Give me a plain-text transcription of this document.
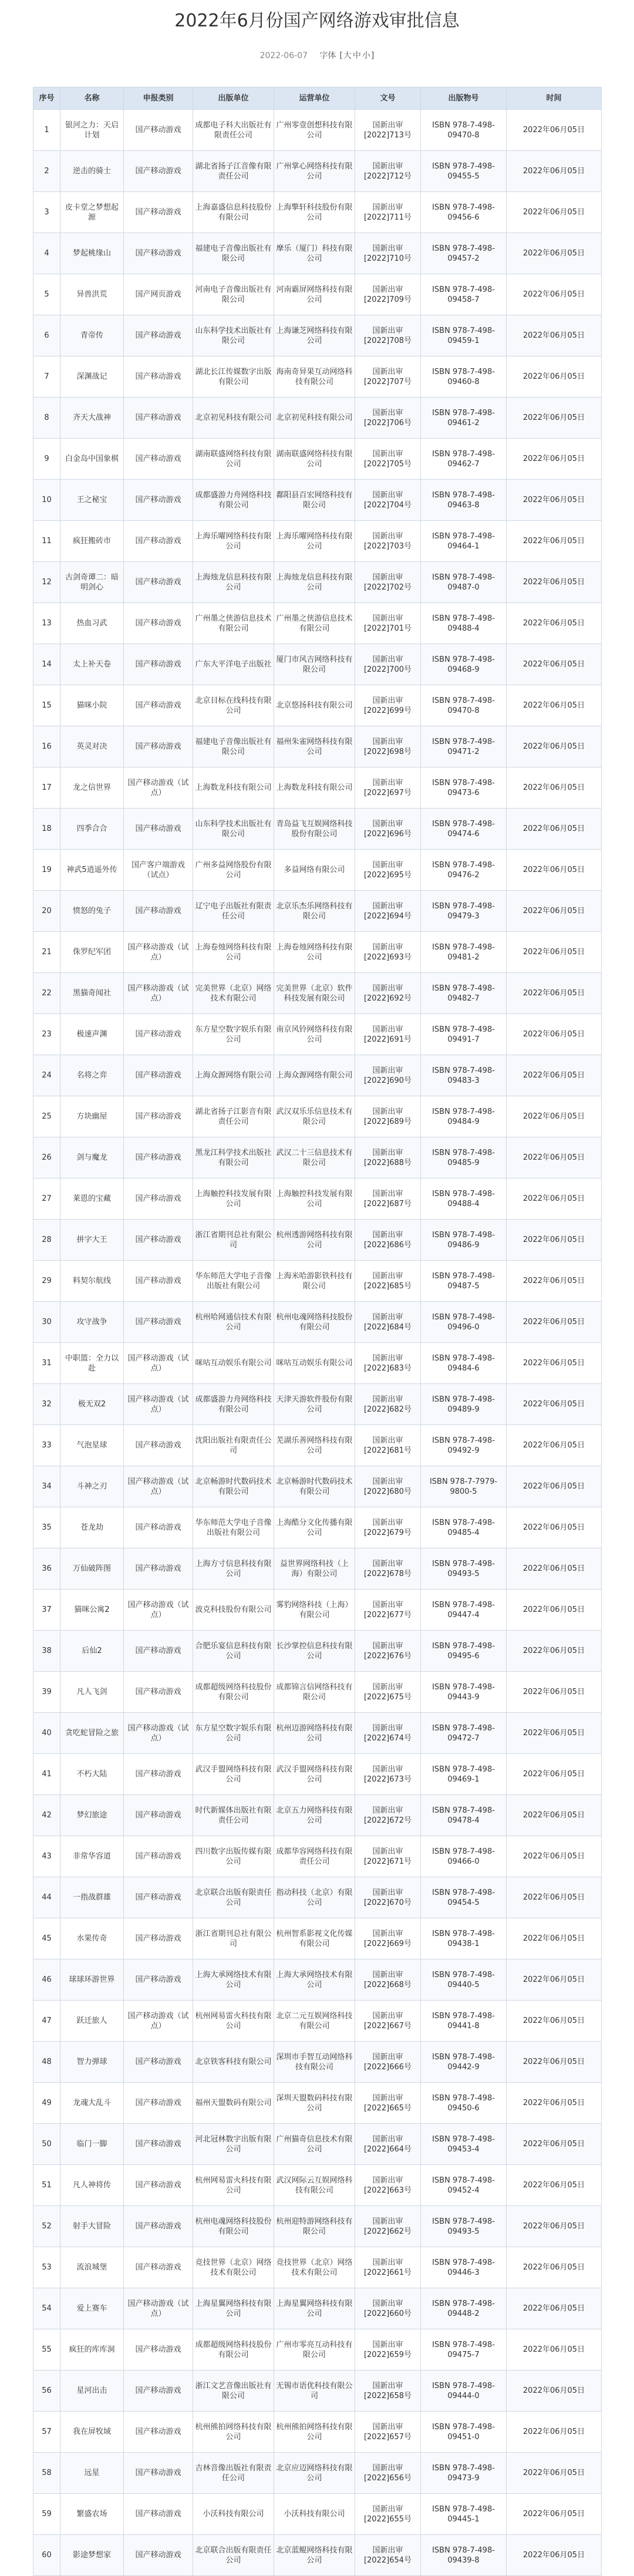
2022年6月份国产网络游戏审批信息
2022-06-07 字体 [大 中 小]
序号	名称	申报类别	出版单位	运营单位	文号	出版物号	时间
1	银河之力：天启计划	国产移动游戏	成都电子科大出版社有限责任公司	广州零壹创想科技有限公司	国新出审[2022]713号	ISBN 978-7-498-09470-8	2022年06月05日
2	逆击的骑士	国产移动游戏	湖北省扬子江音像有限责任公司	广州掌心网络科技有限公司	国新出审[2022]712号	ISBN 978-7-498-09455-5	2022年06月05日
3	皮卡堂之梦想起源	国产移动游戏	上海嘉盛信息科技股份有限公司	上海擎轩科技股份有限公司	国新出审[2022]711号	ISBN 978-7-498-09456-6	2022年06月05日
4	梦起桃缘山	国产移动游戏	福建电子音像出版社有限公司	摩乐（厦门）科技有限公司	国新出审[2022]710号	ISBN 978-7-498-09457-2	2022年06月05日
5	异兽洪荒	国产网页游戏	河南电子音像出版社有限公司	河南霸屏网络科技有限公司	国新出审[2022]709号	ISBN 978-7-498-09458-7	2022年06月05日
6	青帝传	国产移动游戏	山东科学技术出版社有限公司	上海谦芝网络科技有限公司	国新出审[2022]708号	ISBN 978-7-498-09459-1	2022年06月05日
7	深渊战记	国产移动游戏	湖北长江传媒数字出版有限公司	海南奇异果互动网络科技有限公司	国新出审[2022]707号	ISBN 978-7-498-09460-8	2022年06月05日
8	齐天大战神	国产移动游戏	北京初见科技有限公司	北京初见科技有限公司	国新出审[2022]706号	ISBN 978-7-498-09461-2	2022年06月05日
9	白金岛中国象棋	国产移动游戏	湖南联盛网络科技有限公司	湖南联盛网络科技有限公司	国新出审[2022]705号	ISBN 978-7-498-09462-7	2022年06月05日
10	王之秘宝	国产移动游戏	成都盛游力舟网络科技有限公司	鄱阳县百宏网络科技有限公司	国新出审[2022]704号	ISBN 978-7-498-09463-8	2022年06月05日
11	疯狂搬砖市	国产移动游戏	上海乐曜网络科技有限公司	上海乐曜网络科技有限公司	国新出审[2022]703号	ISBN 978-7-498-09464-1	2022年06月05日
12	古剑奇谭二：暗明剑心	国产移动游戏	上海烛龙信息科技有限公司	上海烛龙信息科技有限公司	国新出审[2022]702号	ISBN 978-7-498-09487-0	2022年06月05日
13	热血习武	国产移动游戏	广州墨之侠游信息技术有限公司	广州墨之侠游信息技术有限公司	国新出审[2022]701号	ISBN 978-7-498-09488-4	2022年06月05日
14	太上补天卷	国产移动游戏	广东大平洋电子出版社	厦门市风吉网络科技有限公司	国新出审[2022]700号	ISBN 978-7-498-09468-9	2022年06月05日
15	猫咪小院	国产移动游戏	北京目标在线科技有限公司	北京悠扬科技有限公司	国新出审[2022]699号	ISBN 978-7-498-09470-8	2022年06月05日
16	英灵对决	国产移动游戏	福建电子音像出版社有限公司	福州朱雀网络科技有限公司	国新出审[2022]698号	ISBN 978-7-498-09471-2	2022年06月05日
17	龙之信世界	国产移动游戏（试点）	上海数龙科技有限公司	上海数龙科技有限公司	国新出审[2022]697号	ISBN 978-7-498-09473-6	2022年06月05日
18	四季合合	国产移动游戏	山东科学技术出版社有限公司	青岛益飞互娱网络科技股份有限公司	国新出审[2022]696号	ISBN 978-7-498-09474-6	2022年06月05日
19	神武5逍遥外传	国产客户端游戏（试点）	广州多益网络股份有限公司	多益网络有限公司	国新出审[2022]695号	ISBN 978-7-498-09476-2	2022年06月05日
20	愤怒的兔子	国产移动游戏	辽宁电子出版社有限责任公司	北京乐杰乐网络科技有限公司	国新出审[2022]694号	ISBN 978-7-498-09479-3	2022年06月05日
21	侏罗纪军团	国产移动游戏（试点）	上海卷烛网络科技有限公司	上海卷烛网络科技有限公司	国新出审[2022]693号	ISBN 978-7-498-09481-2	2022年06月05日
22	黑猫奇闻社	国产移动游戏（试点）	完美世界（北京）网络技术有限公司	完美世界（北京）软件科技发展有限公司	国新出审[2022]692号	ISBN 978-7-498-09482-7	2022年06月05日
23	极速声渊	国产移动游戏	东方星空数字娱乐有限公司	南京风铃网络科技有限公司	国新出审[2022]691号	ISBN 978-7-498-09491-7	2022年06月05日
24	名将之弈	国产移动游戏	上海众源网络有限公司	上海众源网络有限公司	国新出审[2022]690号	ISBN 978-7-498-09483-3	2022年06月05日
25	方块幽屋	国产移动游戏	湖北省扬子江影音有限责任公司	武汉双乐乐信息技术有限公司	国新出审[2022]689号	ISBN 978-7-498-09484-9	2022年06月05日
26	剑与魔龙	国产移动游戏	黑龙江科学技术出版社有限公司	武汉二十三信息技术有限公司	国新出审[2022]688号	ISBN 978-7-498-09485-9	2022年06月05日
27	莱恩的宝藏	国产移动游戏	上海触控科技发展有限公司	上海触控科技发展有限公司	国新出审[2022]687号	ISBN 978-7-498-09488-4	2022年06月05日
28	拼字大王	国产移动游戏	浙江省期刊总社有限公司	杭州透游网络科技有限公司	国新出审[2022]686号	ISBN 978-7-498-09486-9	2022年06月05日
29	料契尔航线	国产移动游戏	华东师范大学电子音像出版社有限公司	上海米哈游影铁科技有限公司	国新出审[2022]685号	ISBN 978-7-498-09487-5	2022年06月05日
30	攻守战争	国产移动游戏	杭州哈网通信技术有限公司	杭州电魂网络科技股份有限公司	国新出审[2022]684号	ISBN 978-7-498-09496-0	2022年06月05日
31	中职篮：全力以赴	国产移动游戏（试点）	咪咕互动娱乐有限公司	咪咕互动娱乐有限公司	国新出审[2022]683号	ISBN 978-7-498-09484-6	2022年06月05日
32	极无双2	国产移动游戏（试点）	成都盛游力舟网络科技有限公司	天津天游软件股份有限公司	国新出审[2022]682号	ISBN 978-7-498-09489-9	2022年06月05日
33	气泡星球	国产移动游戏	沈阳出版社有限责任公司	芜湖乐善网络科技有限公司	国新出审[2022]681号	ISBN 978-7-498-09492-9	2022年06月05日
34	斗神之刃	国产移动游戏（试点）	北京畅游时代数码技术有限公司	北京畅游时代数码技术有限公司	国新出审[2022]680号	ISBN 978-7-7979-9800-5	2022年06月05日
35	苍龙劫	国产移动游戏	华东师范大学电子音像出版社有限公司	上海酷分文化传播有限公司	国新出审[2022]679号	ISBN 978-7-498-09485-4	2022年06月05日
36	万仙破阵图	国产移动游戏	上海方寸信息科技有限公司	益世界网络科技（上海）有限公司	国新出审[2022]678号	ISBN 978-7-498-09493-5	2022年06月05日
37	猫咪公寓2	国产移动游戏（试点）	波克科技股份有限公司	雾豹网络科技（上海）有限公司	国新出审[2022]677号	ISBN 978-7-498-09447-4	2022年06月05日
38	后仙2	国产移动游戏	合肥乐宴信息科技有限公司	长沙掌控信息科技有限公司	国新出审[2022]676号	ISBN 978-7-498-09495-6	2022年06月05日
39	凡人飞剑	国产移动游戏	成都超级网络科技股份有限公司	成都锦言信网络科技有限公司	国新出审[2022]675号	ISBN 978-7-498-09443-9	2022年06月05日
40	贪吃蛇冒险之旅	国产移动游戏（试点）	东方星空数字娱乐有限公司	杭州迈游网络科技有限公司	国新出审[2022]674号	ISBN 978-7-498-09472-7	2022年06月05日
41	不朽大陆	国产移动游戏	武汉手盟网络科技有限公司	武汉手盟网络科技有限公司	国新出审[2022]673号	ISBN 978-7-498-09469-1	2022年06月05日
42	梦幻旅途	国产移动游戏	时代新媒体出版社有限责任公司	北京五力网络科技有限公司	国新出审[2022]672号	ISBN 978-7-498-09478-4	2022年06月05日
43	非常华容道	国产移动游戏	四川数字出版传媒有限公司	成都华容网络科技有限责任公司	国新出审[2022]671号	ISBN 978-7-498-09466-0	2022年06月05日
44	一指战群雄	国产移动游戏	北京联合出版有限责任公司	指动科技（北京）有限公司	国新出审[2022]670号	ISBN 978-7-498-09454-5	2022年06月05日
45	水果传奇	国产移动游戏	浙江省期刊总社有限公司	杭州智系影视文化传媒有限公司	国新出审[2022]669号	ISBN 978-7-498-09438-1	2022年06月05日
46	球球环游世界	国产移动游戏	上海大承网络技术有限公司	上海大承网络技术有限公司	国新出审[2022]668号	ISBN 978-7-498-09440-5	2022年06月05日
47	跃迁旅人	国产移动游戏（试点）	杭州网易雷火科技有限公司	北京二元互娱网络科技有限公司	国新出审[2022]667号	ISBN 978-7-498-09441-8	2022年06月05日
48	智力弹球	国产移动游戏	北京铁客科技有限公司	深圳市手智互动网络科技有限公司	国新出审[2022]666号	ISBN 978-7-498-09442-9	2022年06月05日
49	龙魂大乱斗	国产移动游戏	福州天盟数码有限公司	深圳天盟数码科技有限公司	国新出审[2022]665号	ISBN 978-7-498-09450-6	2022年06月05日
50	临门一脚	国产移动游戏	河北冠林数字出版有限公司	广州猫奇信息技术有限公司	国新出审[2022]664号	ISBN 978-7-498-09453-4	2022年06月05日
51	凡人神将传	国产移动游戏	杭州网易雷火科技有限公司	武汉网际云互娱网络科技有限公司	国新出审[2022]663号	ISBN 978-7-498-09452-4	2022年06月05日
52	射手大冒险	国产移动游戏	杭州电魂网络科技股份有限公司	杭州迎特游网络科技有限公司	国新出审[2022]662号	ISBN 978-7-498-09493-5	2022年06月05日
53	流浪城堡	国产移动游戏	竞技世界（北京）网络技术有限公司	竞技世界（北京）网络技术有限公司	国新出审[2022]661号	ISBN 978-7-498-09446-3	2022年06月05日
54	爱上赛车	国产移动游戏（试点）	上海星翼网络科技有限公司	上海星翼网络科技有限公司	国新出审[2022]660号	ISBN 978-7-498-09448-2	2022年06月05日
55	疯狂的库库洞	国产移动游戏	成都超级网络科技股份有限公司	广州市零亮互动科技有限公司	国新出审[2022]659号	ISBN 978-7-498-09475-7	2022年06月05日
56	星河出击	国产移动游戏	浙江文艺音像出版社有限公司	无锡市语优科技有限公司	国新出审[2022]658号	ISBN 978-7-498-09444-0	2022年06月05日
57	我在屏牧域	国产移动游戏	杭州熊拍网络科技有限公司	杭州熊拍网络科技有限公司	国新出审[2022]657号	ISBN 978-7-498-09451-0	2022年06月05日
58	远星	国产移动游戏	吉林音像出版社有限责任公司	北京应迈网络科技有限公司	国新出审[2022]656号	ISBN 978-7-498-09473-9	2022年06月05日
59	繁盛农场	国产移动游戏	小沃科技有限公司	小沃科技有限公司	国新出审[2022]655号	ISBN 978-7-498-09445-1	2022年06月05日
60	影途梦想家	国产移动游戏	北京联合出版有限责任公司	北京蓝鲲网络科技有限公司	国新出审[2022]654号	ISBN 978-7-498-09439-8	2022年06月05日
